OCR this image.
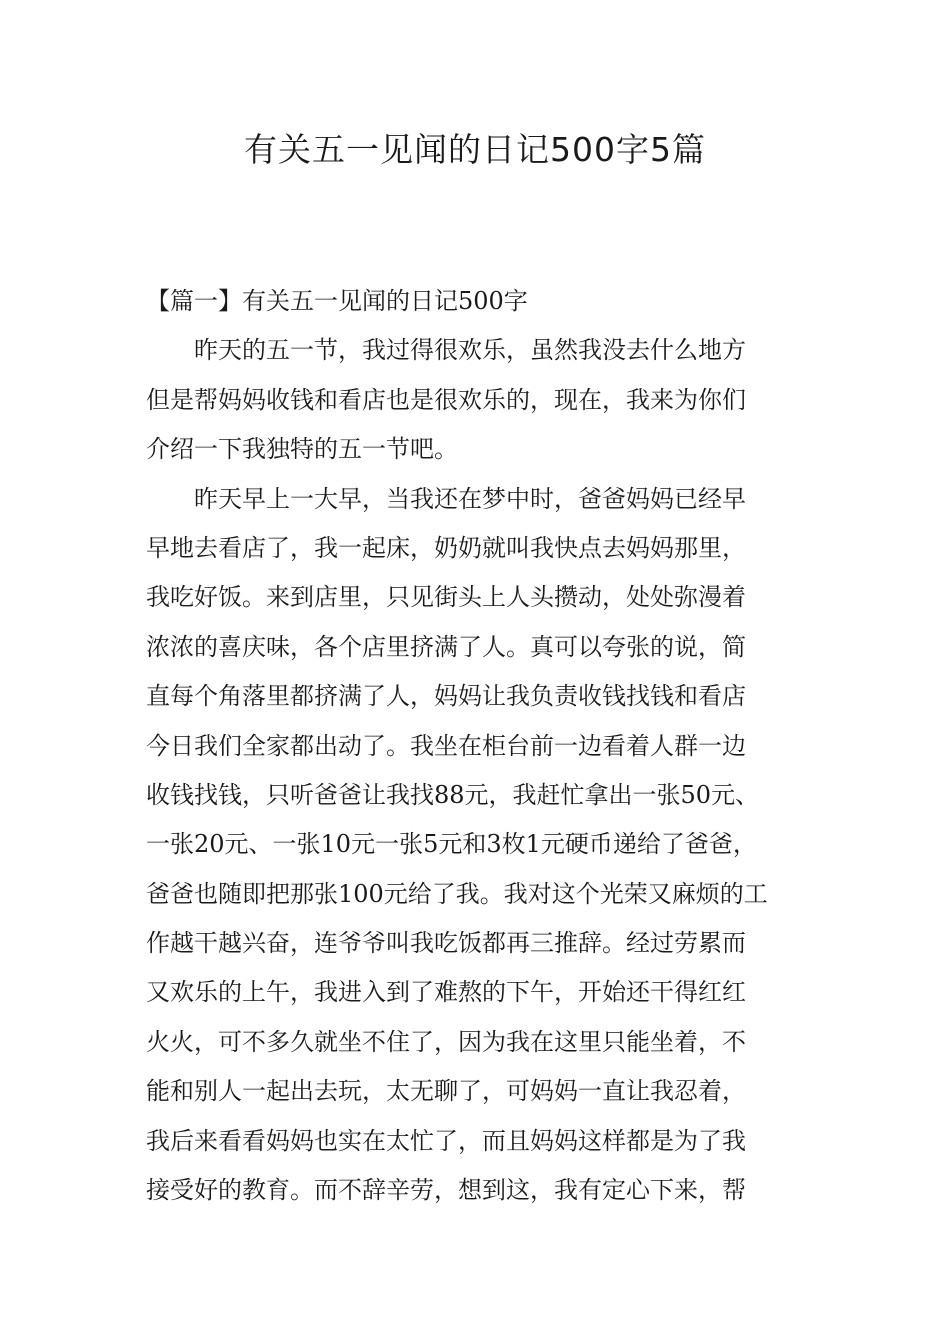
有关五一见闻的日记500字5篇
【篇一】有关五一见闻的日记500字
昨天的五一节，我过得很欢乐，虽然我没去什么地方
但是帮妈妈收钱和看店也是很欢乐的，现在，我来为你们
介绍一下我独特的五一节吧。
昨天早上一大早，当我还在梦中时，爸爸妈妈已经早
早地去看店了，我一起床，奶奶就叫我快点去妈妈那里，
我吃好饭。来到店里，只见街头上人头攒动，处处弥漫着
浓浓的喜庆味，各个店里挤满了人。真可以夸张的说，简
直每个角落里都挤满了人，妈妈让我负责收钱找钱和看店
今日我们全家都出动了。我坐在柜台前一边看着人群一边
收钱找钱，只听爸爸让我找88元，我赶忙拿出一张50元、
一张20元、一张10元一张5元和3枚1元硬币递给了爸爸，
爸爸也随即把那张100元给了我。我对这个光荣又麻烦的工
作越干越兴奋，连爷爷叫我吃饭都再三推辞。经过劳累而
又欢乐的上午，我进入到了难熬的下午，开始还干得红红
火火，可不多久就坐不住了，因为我在这里只能坐着，不
能和别人一起出去玩，太无聊了，可妈妈一直让我忍着，
我后来看看妈妈也实在太忙了，而且妈妈这样都是为了我
接受好的教育。而不辞辛劳，想到这，我有定心下来，帮
